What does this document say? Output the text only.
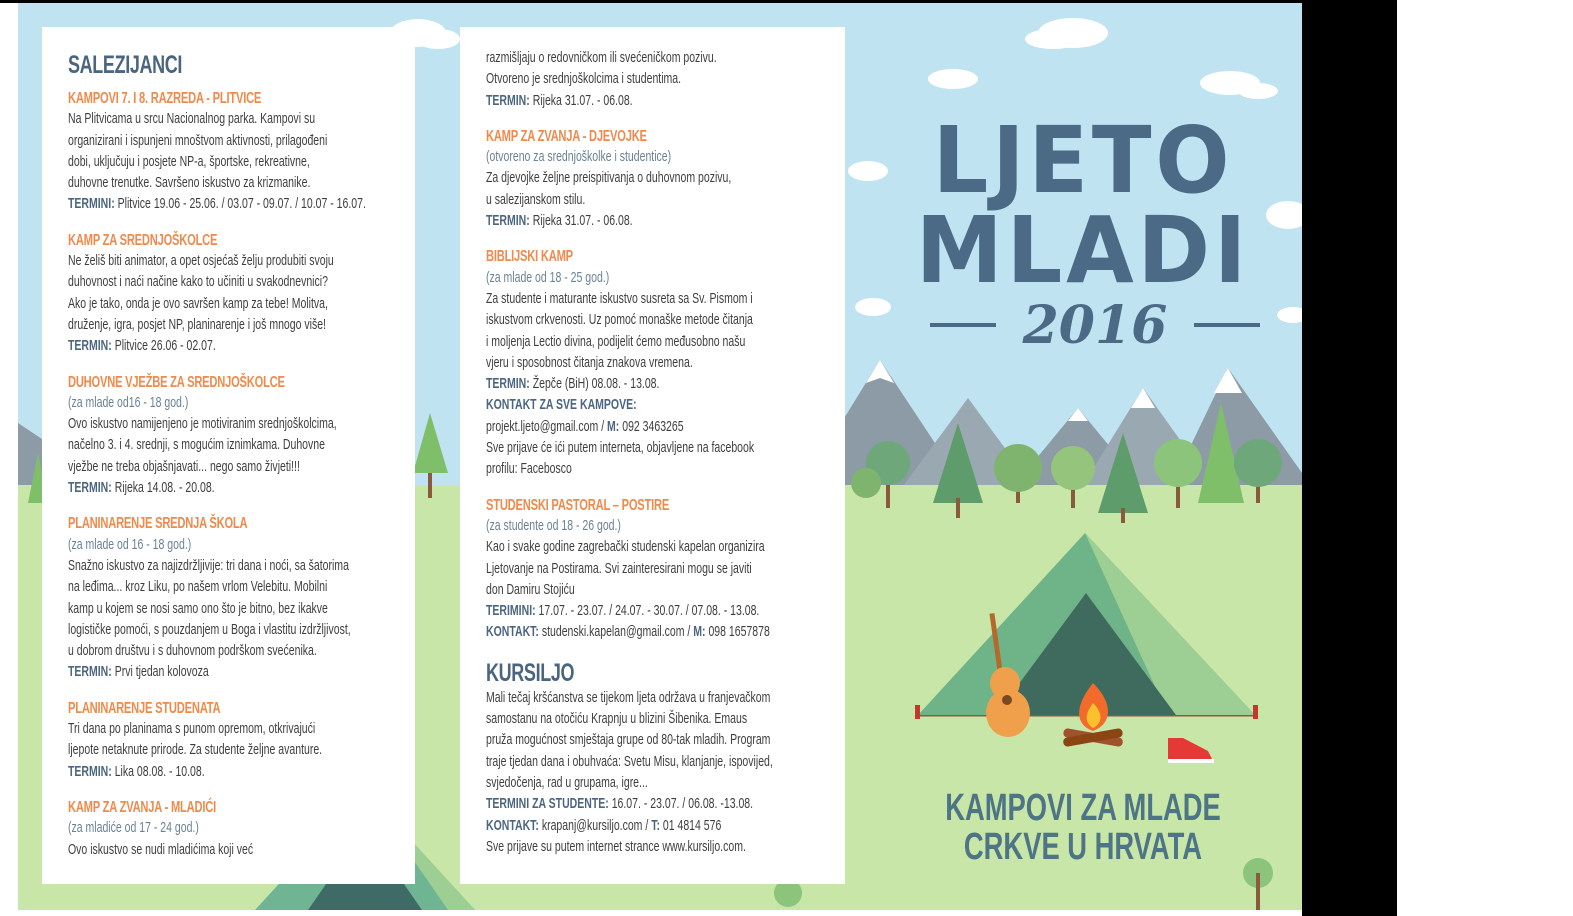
SALEZIJANCI
KAMPOVI 7. I 8. RAZREDA - PLITVICE
Na Plitvicama u srcu Nacionalnog parka. Kampovi su
organizirani i ispunjeni mnoštvom aktivnosti, prilagođeni
dobi, uključuju i posjete NP-a, športske, rekreativne,
duhovne trenutke. Savršeno iskustvo za krizmanike.
TERMINI: Plitvice 19.06 - 25.06. / 03.07 - 09.07. / 10.07 - 16.07.
KAMP ZA SREDNJOŠKOLCE
Ne želiš biti animator, a opet osjećaš želju produbiti svoju
duhovnost i naći načine kako to učiniti u svakodnevnici?
Ako je tako, onda je ovo savršen kamp za tebe! Molitva,
druženje, igra, posjet NP, planinarenje i još mnogo više!
TERMIN: Plitvice 26.06 - 02.07.
DUHOVNE VJEŽBE ZA SREDNJOŠKOLCE
(za mlade od16 - 18 god.)
Ovo iskustvo namijenjeno je motiviranim srednjoškolcima,
načelno 3. i 4. srednji, s mogućim iznimkama. Duhovne
vježbe ne treba objašnjavati... nego samo živjeti!!!
TERMIN: Rijeka 14.08. - 20.08.
PLANINARENJE SREDNJA ŠKOLA
(za mlade od 16 - 18 god.)
Snažno iskustvo za najizdržljivije: tri dana i noći, sa šatorima
na leđima... kroz Liku, po našem vrlom Velebitu. Mobilni
kamp u kojem se nosi samo ono što je bitno, bez ikakve
logističke pomoći, s pouzdanjem u Boga i vlastitu izdržljivost,
u dobrom društvu i s duhovnom podrškom svećenika.
TERMIN: Prvi tjedan kolovoza
PLANINARENJE STUDENATA
Tri dana po planinama s punom opremom, otkrivajući
ljepote netaknute prirode. Za studente željne avanture.
TERMIN: Lika 08.08. - 10.08.
KAMP ZA ZVANJA - MLADIĆI
(za mladiće od 17 - 24 god.)
Ovo iskustvo se nudi mladićima koji već
razmišljaju o redovničkom ili svećeničkom pozivu.
Otvoreno je srednjoškolcima i studentima.
TERMIN: Rijeka 31.07. - 06.08.
KAMP ZA ZVANJA - DJEVOJKE
(otvoreno za srednjoškolke i studentice)
Za djevojke željne preispitivanja o duhovnom pozivu,
u salezijanskom stilu.
TERMIN: Rijeka 31.07. - 06.08.
BIBLIJSKI KAMP
(za mlade od 18 - 25 god.)
Za studente i maturante iskustvo susreta sa Sv. Pismom i
iskustvom crkvenosti. Uz pomoć monaške metode čitanja
i moljenja Lectio divina, podijelit ćemo međusobno našu
vjeru i sposobnost čitanja znakova vremena.
TERMIN: Žepče (BiH) 08.08. - 13.08.
KONTAKT ZA SVE KAMPOVE:
projekt.ljeto@gmail.com / M: 092 3463265
Sve prijave će ići putem interneta, objavljene na facebook
profilu: Facebosco
STUDENSKI PASTORAL – POSTIRE
(za studente od 18 - 26 god.)
Kao i svake godine zagrebački studenski kapelan organizira
Ljetovanje na Postirama. Svi zainteresirani mogu se javiti
don Damiru Stojiću
TERIMINI: 17.07. - 23.07. / 24.07. - 30.07. / 07.08. - 13.08.
KONTAKT: studenski.kapelan@gmail.com / M: 098 1657878
KURSILJO
Mali tečaj kršćanstva se tijekom ljeta održava u franjevačkom
samostanu na otočiću Krapnju u blizini Šibenika. Emaus
pruža mogućnost smještaja grupe od 80-tak mladih. Program
traje tjedan dana i obuhvaća: Svetu Misu, klanjanje, ispovijed,
svjedočenja, rad u grupama, igre...
TERMINI ZA STUDENTE: 16.07. - 23.07. / 06.08. -13.08.
KONTAKT: krapanj@kursiljo.com / T: 01 4814 576
Sve prijave su putem internet strance www.kursiljo.com.
LJETO
MLADI
2016
KAMPOVI ZA MLADE
CRKVE U HRVATA
